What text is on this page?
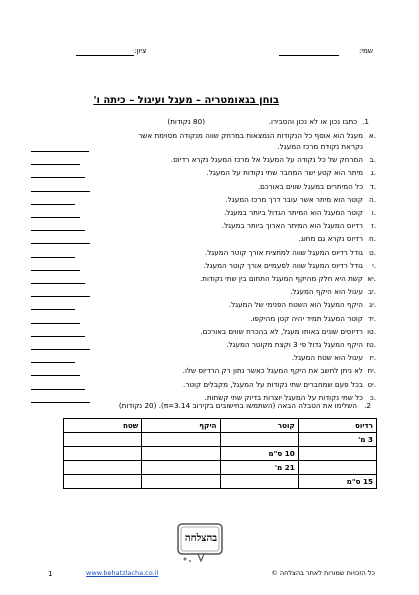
שמי:
ציון:
בוחן בגאומטריה – מעגל ועיגול – כיתה ו'
1.
כתבו נכון או לא נכון והסבירו.
(80 נקודות)
א.
מעגל הוא אוסף כל הנקודות הנמצאות במרחק שווה מנקודה מסוימת אשר
נקראת נקודת מרכז המעגל.
ב.
המרחק של כל נקודה על המעגל אל מרכז המעגל נקרא רדיוס.
ג.
מיתר הוא קטע ישר המחבר שתי נקודות על המעגל.
ד.
כל המיתרים במעגל שווים באורכם.
ה.
קוטר הוא מיתר אשר עובר דרך מרכז המעגל.
ו.
קוטר המעגל הוא המיתר הגדול ביותר במעגל.
ז.
רדיוס המעגל הוא המיתר הארוך ביותר במעגל.
ח.
רדיוס נקרא גם מחוג.
ט.
גודל רדיוס המעגל שווה למחצית אורך קוטר המעגל.
י.
גודל רדיוס המעגל שווה לפעמיים אורך קוטר המעגל.
יא.
קשת היא חלק מהיקף המעגל התחום בין שתי נקודות.
יב.
עיגול הוא היקף המעגל.
יג.
היקף המעגל הוא השטח הפנימי של המעגל.
יד.
קוטר המעגל תמיד יהיה קטן מהיקפו.
טו.
רדיוסים שונים באותו מעגל, לא בהכרח שווים באורכם.
טז.
היקף המעגל גדול פי 3 וקצת מקוטר המעגל.
יז.
עיגול הוא שטח המעגל.
יח.
לא ניתן לחשב את היקף המעגל כאשר נתון רק הרדיוס שלו.
יט.
בכל פעם שמחברים שתי נקודות על המעגל, מקבלים קוטר.
כ.
כל שתי נקודות על המעגל יוצרות בדיוק שתי קשתות.
2.
השלימו את הטבלה הבאה (השתמשו בחישובים בקירוב π=3.14). (20 נקודות)
רדיוס	קוטר	היקף	שטח
3 מ'			
	10 ס"מ		
	21 מ'		
15 ס"מ			
בהצלחה
1	www.behatzlacha.co.il	כל הזכויות שמורות לאתר בהצלחה ©
